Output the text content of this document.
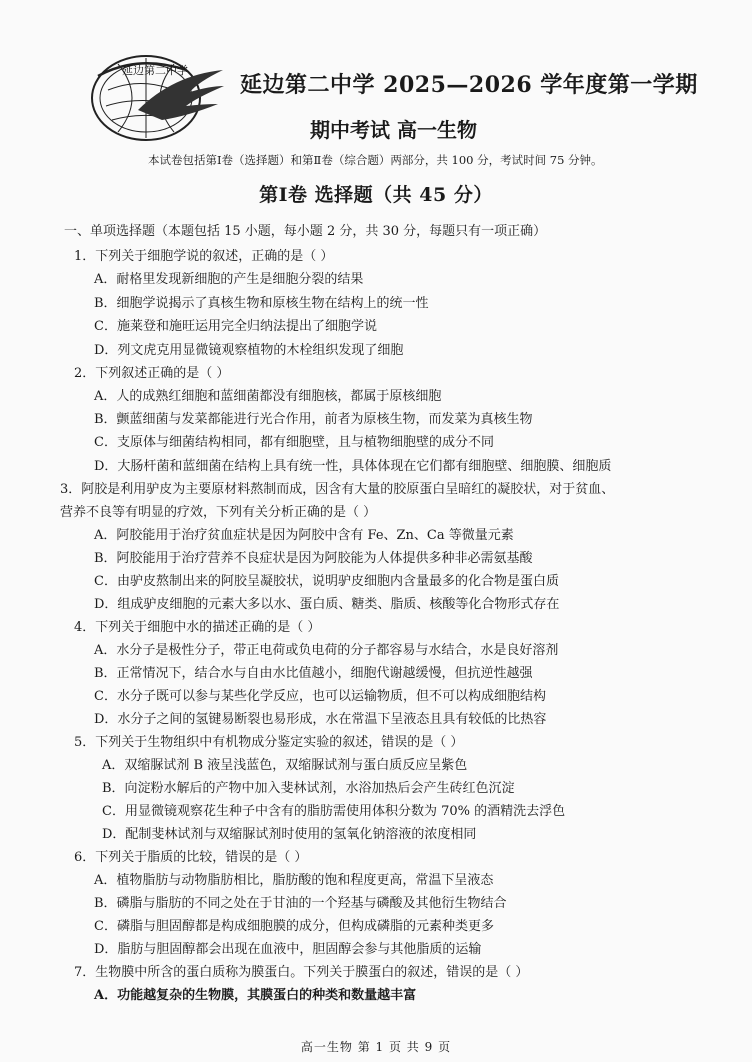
延边第二中学
延边第二中学 2025—2026 学年度第一学期
期中考试 高一生物
本试卷包括第Ⅰ卷（选择题）和第Ⅱ卷（综合题）两部分，共 100 分，考试时间 75 分钟。
第Ⅰ卷 选择题（共 45 分）
一、单项选择题（本题包括 15 小题，每小题 2 分，共 30 分，每题只有一项正确）
1．下列关于细胞学说的叙述，正确的是（ ）
A．耐格里发现新细胞的产生是细胞分裂的结果
B．细胞学说揭示了真核生物和原核生物在结构上的统一性
C．施莱登和施旺运用完全归纳法提出了细胞学说
D．列文虎克用显微镜观察植物的木栓组织发现了细胞
2．下列叙述正确的是（ ）
A．人的成熟红细胞和蓝细菌都没有细胞核，都属于原核细胞
B．颤蓝细菌与发菜都能进行光合作用，前者为原核生物，而发菜为真核生物
C．支原体与细菌结构相同，都有细胞壁，且与植物细胞壁的成分不同
D．大肠杆菌和蓝细菌在结构上具有统一性，具体体现在它们都有细胞壁、细胞膜、细胞质
3．阿胶是利用驴皮为主要原材料熬制而成，因含有大量的胶原蛋白呈暗红的凝胶状，对于贫血、
营养不良等有明显的疗效，下列有关分析正确的是（ ）
A．阿胶能用于治疗贫血症状是因为阿胶中含有 Fe、Zn、Ca 等微量元素
B．阿胶能用于治疗营养不良症状是因为阿胶能为人体提供多种非必需氨基酸
C．由驴皮熬制出来的阿胶呈凝胶状，说明驴皮细胞内含量最多的化合物是蛋白质
D．组成驴皮细胞的元素大多以水、蛋白质、糖类、脂质、核酸等化合物形式存在
4．下列关于细胞中水的描述正确的是（ ）
A．水分子是极性分子，带正电荷或负电荷的分子都容易与水结合，水是良好溶剂
B．正常情况下，结合水与自由水比值越小，细胞代谢越缓慢，但抗逆性越强
C．水分子既可以参与某些化学反应，也可以运输物质，但不可以构成细胞结构
D．水分子之间的氢键易断裂也易形成，水在常温下呈液态且具有较低的比热容
5．下列关于生物组织中有机物成分鉴定实验的叙述，错误的是（ ）
A．双缩脲试剂 B 液呈浅蓝色，双缩脲试剂与蛋白质反应呈紫色
B．向淀粉水解后的产物中加入斐林试剂，水浴加热后会产生砖红色沉淀
C．用显微镜观察花生种子中含有的脂肪需使用体积分数为 70% 的酒精洗去浮色
D．配制斐林试剂与双缩脲试剂时使用的氢氧化钠溶液的浓度相同
6．下列关于脂质的比较，错误的是（ ）
A．植物脂肪与动物脂肪相比，脂肪酸的饱和程度更高，常温下呈液态
B．磷脂与脂肪的不同之处在于甘油的一个羟基与磷酸及其他衍生物结合
C．磷脂与胆固醇都是构成细胞膜的成分，但构成磷脂的元素种类更多
D．脂肪与胆固醇都会出现在血液中，胆固醇会参与其他脂质的运输
7．生物膜中所含的蛋白质称为膜蛋白。下列关于膜蛋白的叙述，错误的是（ ）
A．功能越复杂的生物膜，其膜蛋白的种类和数量越丰富
高一生物 第 1 页 共 9 页
